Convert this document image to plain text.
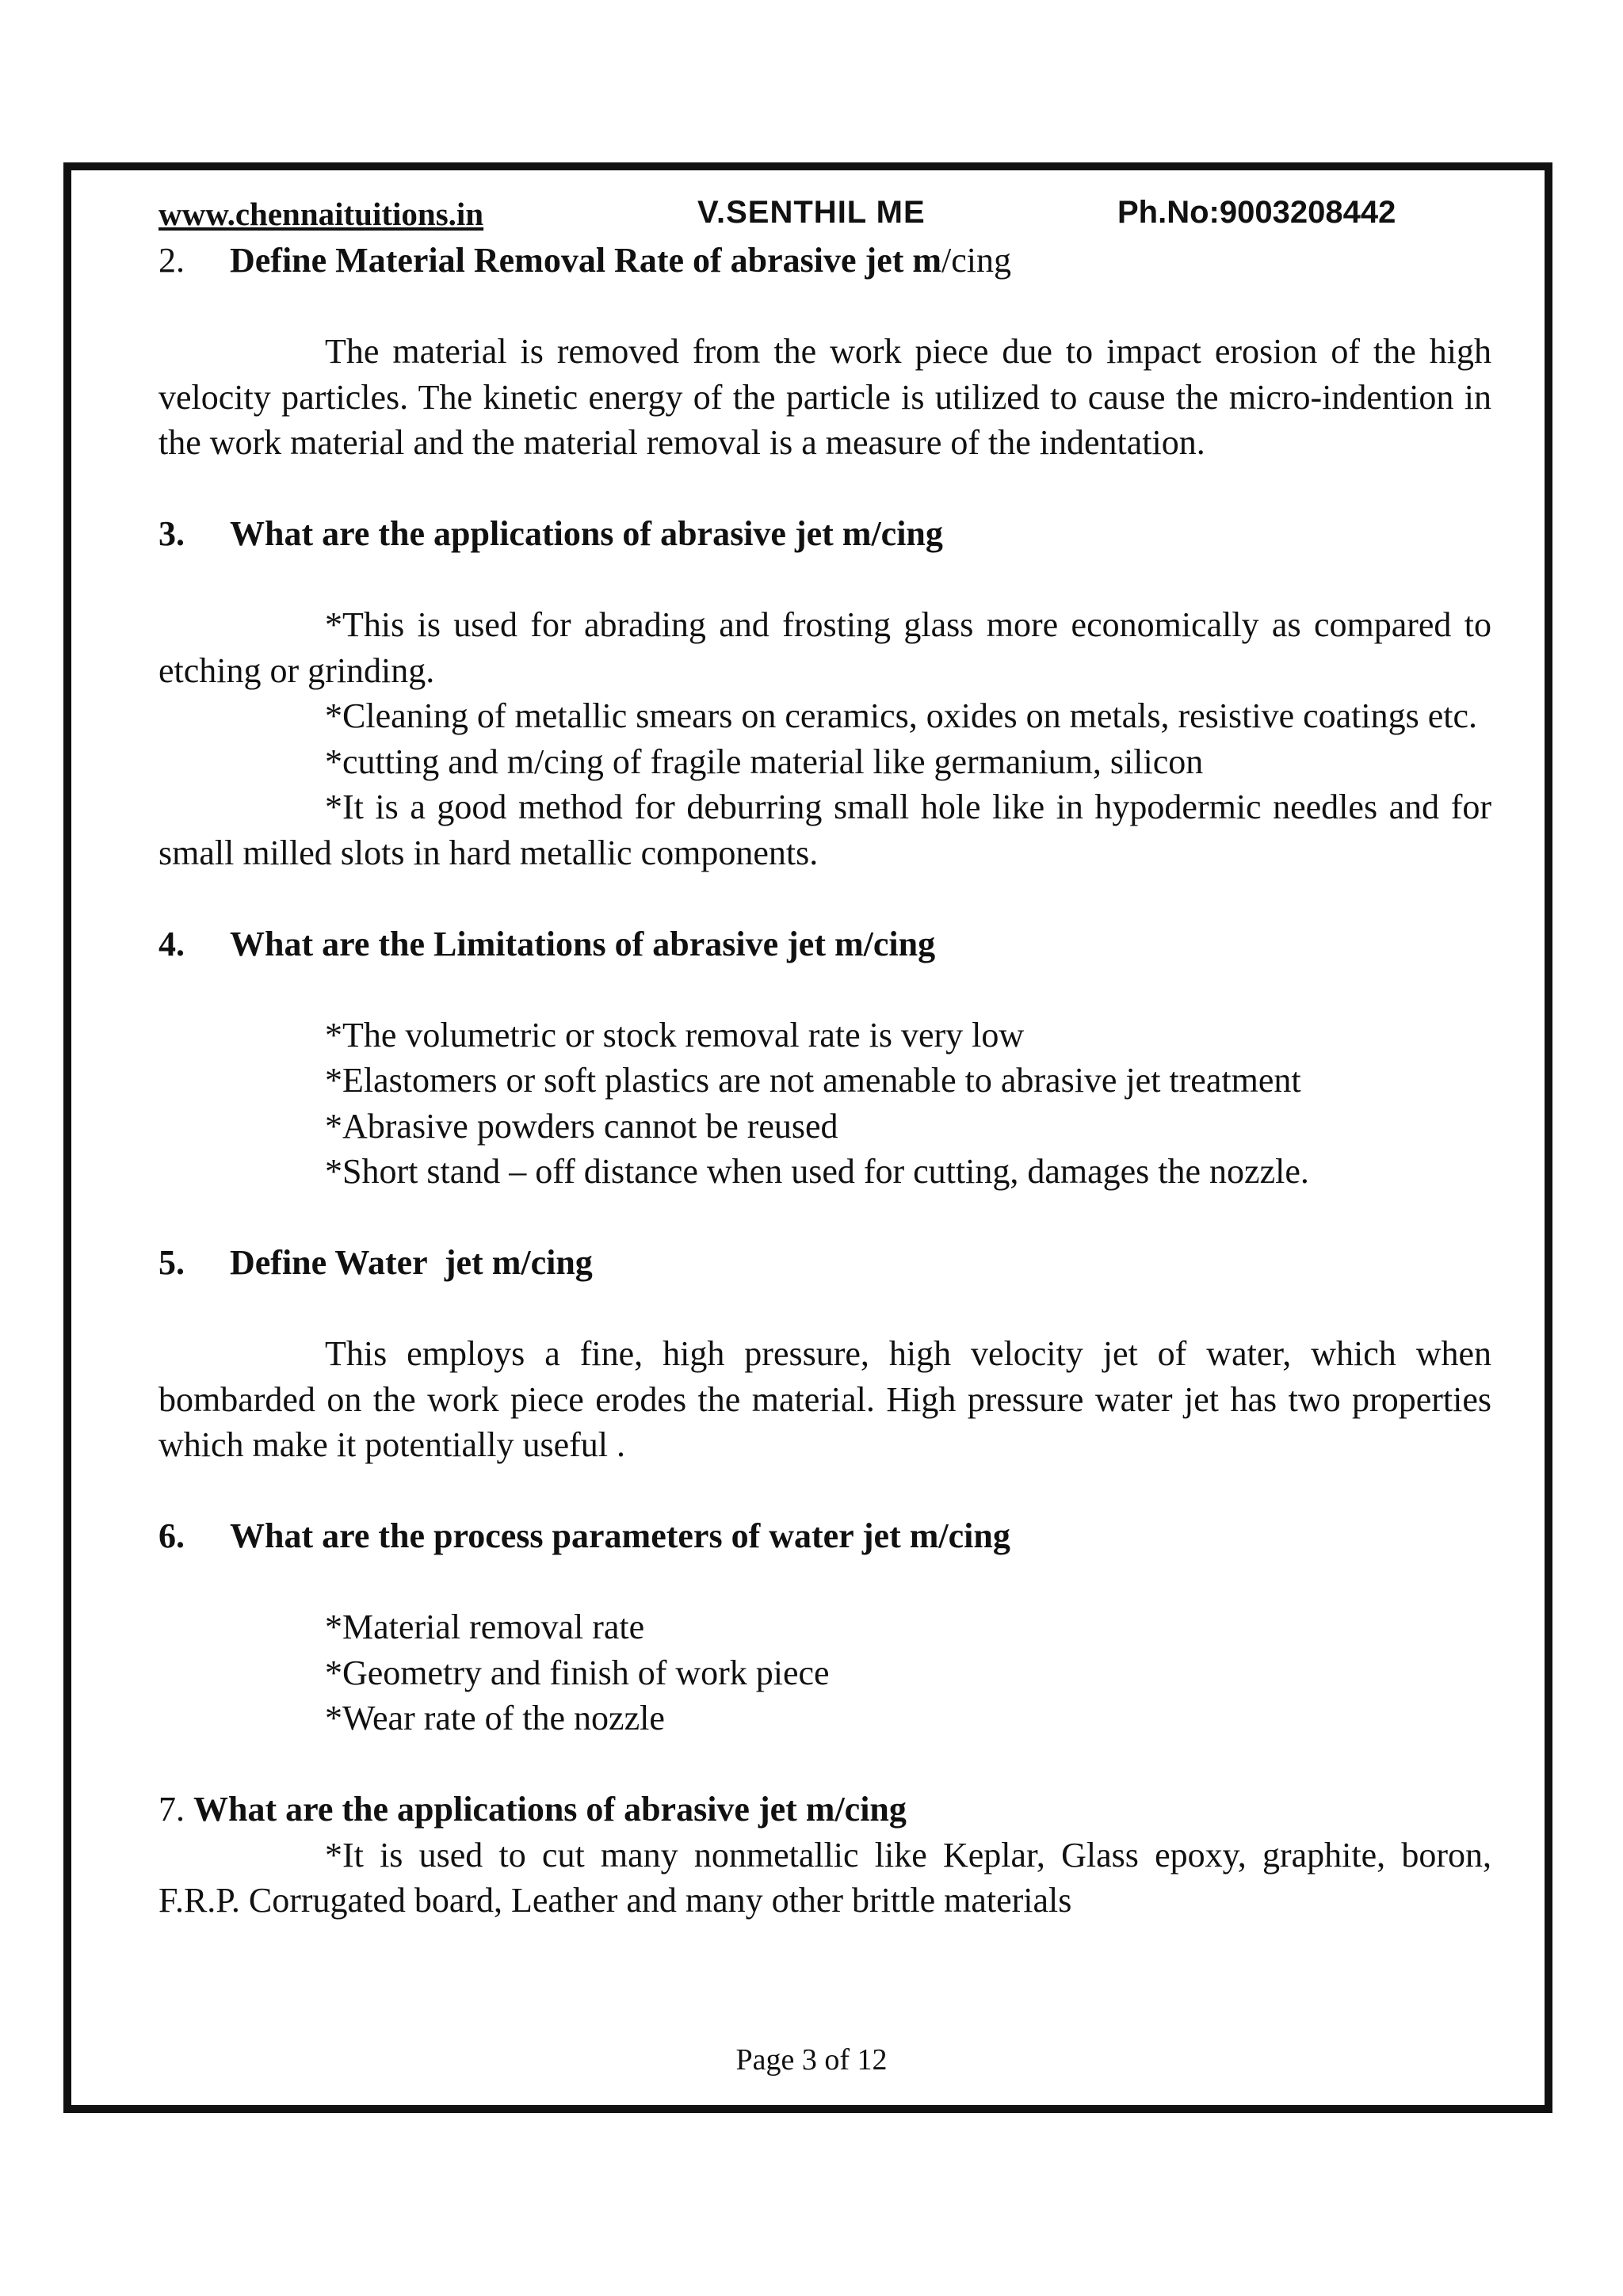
www.chennaituitions.in	V.SENTHIL ME	Ph.No:9003208442

2. Define Material Removal Rate of abrasive jet m/cing

The material is removed from the work piece due to impact erosion of the high velocity particles. The kinetic energy of the particle is utilized to cause the micro-indention in the work material and the material removal is a measure of the indentation.

3. What are the applications of abrasive jet m/cing

*This is used for abrading and frosting glass more economically as compared to etching or grinding.

*Cleaning of metallic smears on ceramics, oxides on metals, resistive coatings etc.

*cutting and m/cing of fragile material like germanium, silicon

*It is a good method for deburring small hole like in hypodermic needles and for small milled slots in hard metallic components.

4. What are the Limitations of abrasive jet m/cing

*The volumetric or stock removal rate is very low

*Elastomers or soft plastics are not amenable to abrasive jet treatment

*Abrasive powders cannot be reused

*Short stand – off distance when used for cutting, damages the nozzle.

5. Define Water  jet m/cing

This employs a fine, high pressure, high velocity jet of water, which when bombarded on the work piece erodes the material. High pressure water jet has two properties which make it potentially useful .

6. What are the process parameters of water jet m/cing

*Material removal rate

*Geometry and finish of work piece

*Wear rate of the nozzle

7. What are the applications of abrasive jet m/cing

*It is used to cut many nonmetallic like Keplar, Glass epoxy, graphite, boron, F.R.P. Corrugated board, Leather and many other brittle materials

Page 3 of 12
